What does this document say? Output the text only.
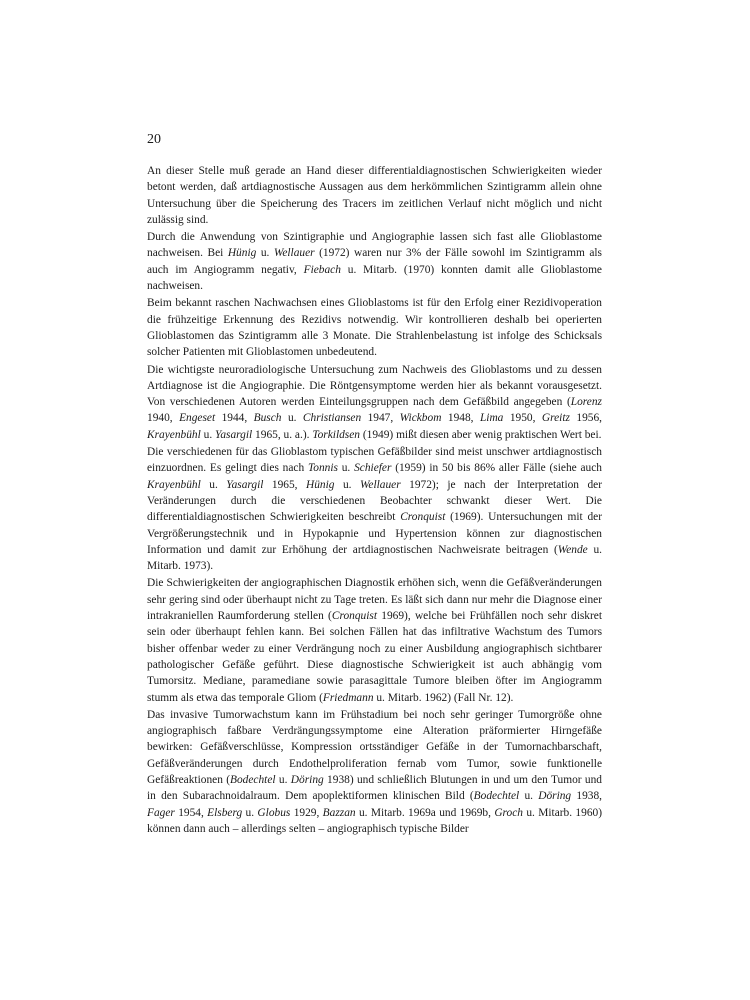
20

An dieser Stelle muß gerade an Hand dieser differentialdiagnostischen Schwierigkeiten wieder betont werden, daß artdiagnostische Aussagen aus dem herkömmlichen Szintigramm allein ohne Untersuchung über die Speicherung des Tracers im zeitlichen Verlauf nicht möglich und nicht zulässig sind.

Durch die Anwendung von Szintigraphie und Angiographie lassen sich fast alle Glioblastome nachweisen. Bei Hünig u. Wellauer (1972) waren nur 3% der Fälle sowohl im Szintigramm als auch im Angiogramm negativ, Fiebach u. Mitarb. (1970) konnten damit alle Glioblastome nachweisen.

Beim bekannt raschen Nachwachsen eines Glioblastoms ist für den Erfolg einer Rezidivoperation die frühzeitige Erkennung des Rezidivs notwendig. Wir kontrollieren deshalb bei operierten Glioblastomen das Szintigramm alle 3 Monate. Die Strahlenbelastung ist infolge des Schicksals solcher Patienten mit Glioblastomen unbedeutend.

Die wichtigste neuroradiologische Untersuchung zum Nachweis des Glioblastoms und zu dessen Artdiagnose ist die Angiographie. Die Röntgensymptome werden hier als bekannt vorausgesetzt. Von verschiedenen Autoren werden Einteilungsgruppen nach dem Gefäßbild angegeben (Lorenz 1940, Engeset 1944, Busch u. Christiansen 1947, Wickbom 1948, Lima 1950, Greitz 1956, Krayenbühl u. Yasargil 1965, u. a.). Torkildsen (1949) mißt diesen aber wenig praktischen Wert bei.

Die verschiedenen für das Glioblastom typischen Gefäßbilder sind meist unschwer artdiagnostisch einzuordnen. Es gelingt dies nach Tonnis u. Schiefer (1959) in 50 bis 86% aller Fälle (siehe auch Krayenbühl u. Yasargil 1965, Hünig u. Wellauer 1972); je nach der Interpretation der Veränderungen durch die verschiedenen Beobachter schwankt dieser Wert. Die differentialdiagnostischen Schwierigkeiten beschreibt Cronquist (1969). Untersuchungen mit der Vergrößerungstechnik und in Hypokapnie und Hypertension können zur diagnostischen Information und damit zur Erhöhung der artdiagnostischen Nachweisrate beitragen (Wende u. Mitarb. 1973).

Die Schwierigkeiten der angiographischen Diagnostik erhöhen sich, wenn die Gefäßveränderungen sehr gering sind oder überhaupt nicht zu Tage treten. Es läßt sich dann nur mehr die Diagnose einer intrakraniellen Raumforderung stellen (Cronquist 1969), welche bei Frühfällen noch sehr diskret sein oder überhaupt fehlen kann. Bei solchen Fällen hat das infiltrative Wachstum des Tumors bisher offenbar weder zu einer Verdrängung noch zu einer Ausbildung angiographisch sichtbarer pathologischer Gefäße geführt. Diese diagnostische Schwierigkeit ist auch abhängig vom Tumorsitz. Mediane, paramediane sowie parasagittale Tumore bleiben öfter im Angiogramm stumm als etwa das temporale Gliom (Friedmann u. Mitarb. 1962) (Fall Nr. 12).

Das invasive Tumorwachstum kann im Frühstadium bei noch sehr geringer Tumorgröße ohne angiographisch faßbare Verdrängungssymptome eine Alteration präformierter Hirngefäße bewirken: Gefäßverschlüsse, Kompression ortsständiger Gefäße in der Tumornachbarschaft, Gefäßveränderungen durch Endothelproliferation fernab vom Tumor, sowie funktionelle Gefäßreaktionen (Bodechtel u. Döring 1938) und schließlich Blutungen in und um den Tumor und in den Subarachnoidalraum. Dem apoplektiformen klinischen Bild (Bodechtel u. Döring 1938, Fager 1954, Elsberg u. Globus 1929, Bazzan u. Mitarb. 1969a und 1969b, Groch u. Mitarb. 1960) können dann auch – allerdings selten – angiographisch typische Bilder
